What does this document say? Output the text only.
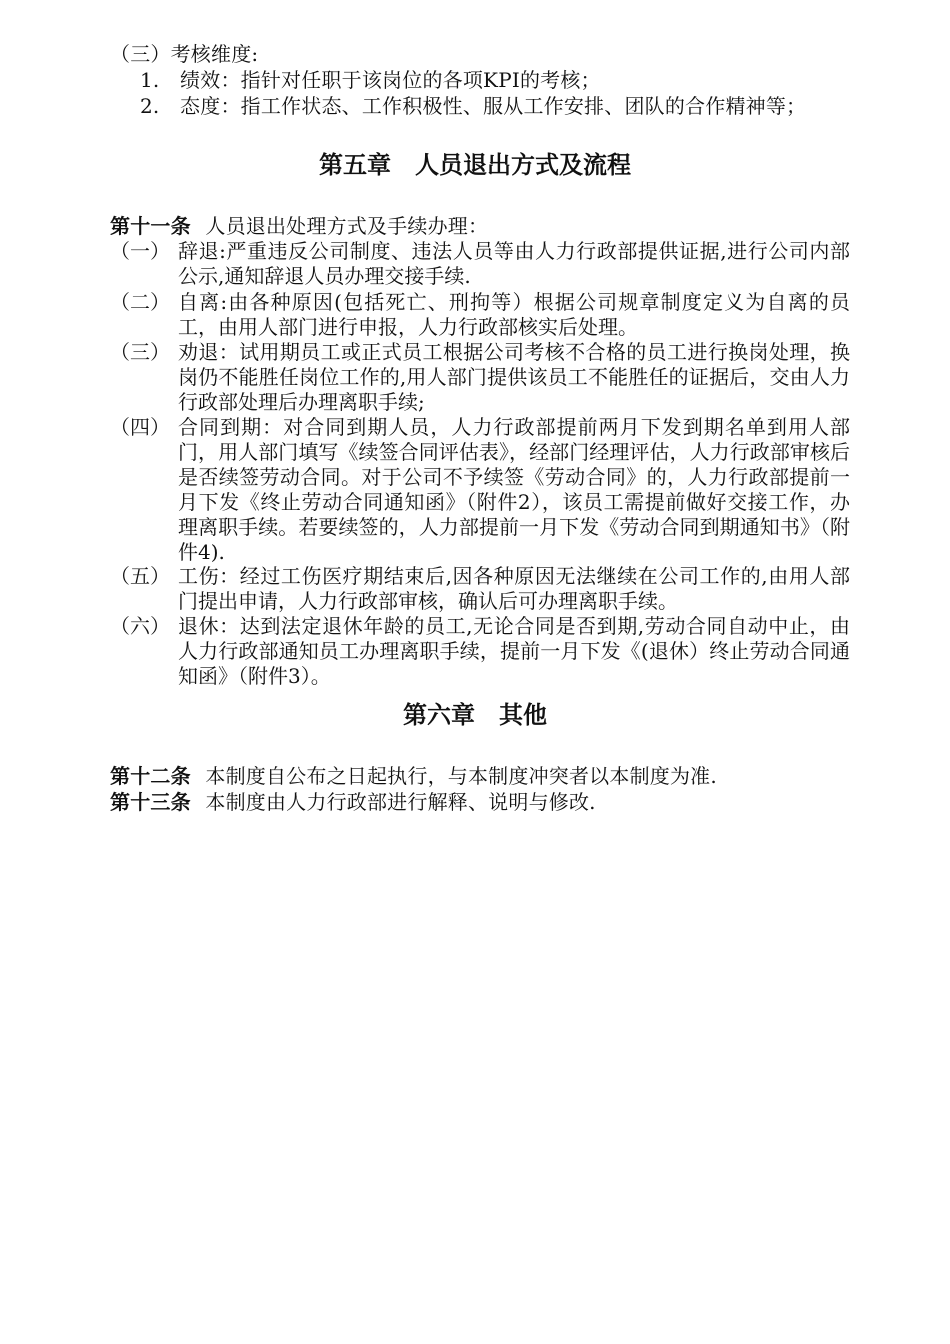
（三）考核维度:
1. 绩效：指针对任职于该岗位的各项KPI的考核；
2. 态度：指工作状态、工作积极性、服从工作安排、团队的合作精神等；
第五章　人员退出方式及流程
第十一条 人员退出处理方式及手续办理：
（一） 辞退:严重违反公司制度、违法人员等由人力行政部提供证据,进行公司内部公示,通知辞退人员办理交接手续.
（二） 自离:由各种原因(包括死亡、刑拘等）根据公司规章制度定义为自离的员工，由用人部门进行申报，人力行政部核实后处理。
（三） 劝退：试用期员工或正式员工根据公司考核不合格的员工进行换岗处理，换岗仍不能胜任岗位工作的,用人部门提供该员工不能胜任的证据后，交由人力行政部处理后办理离职手续;
（四） 合同到期：对合同到期人员，人力行政部提前两月下发到期名单到用人部门，用人部门填写《续签合同评估表》，经部门经理评估，人力行政部审核后是否续签劳动合同。对于公司不予续签《劳动合同》的，人力行政部提前一月下发《终止劳动合同通知函》（附件2），该员工需提前做好交接工作，办理离职手续。若要续签的，人力部提前一月下发《劳动合同到期通知书》（附件4).
（五） 工伤：经过工伤医疗期结束后,因各种原因无法继续在公司工作的,由用人部门提出申请，人力行政部审核，确认后可办理离职手续。
（六） 退休：达到法定退休年龄的员工,无论合同是否到期,劳动合同自动中止，由人力行政部通知员工办理离职手续，提前一月下发《(退休）终止劳动合同通知函》（附件3）。
第六章　其他
第十二条 本制度自公布之日起执行，与本制度冲突者以本制度为准.
第十三条 本制度由人力行政部进行解释、说明与修改.
